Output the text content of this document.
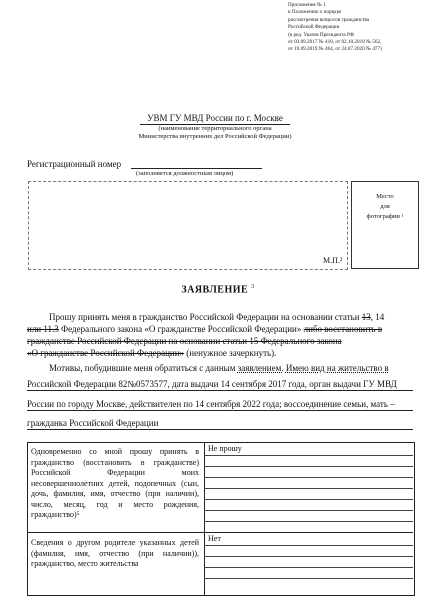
Приложение № 1
к Положению о порядке
рассмотрения вопросов гражданства
Российской Федерации
(в ред. Указов Президента РФ
от 03.09.2017 № 410, от 02.10.2018 № 562,
от 19.09.2019 № 464, от 24.07.2020 № 477)
УВМ ГУ МВД России по г. Москве
(наименование территориального органа
Министерства внутренних дел Российской Федерации)
Регистрационный номер
(заполняется должностным лицом)
М.П.²
Место
для
фотографии ¹
ЗАЯВЛЕНИЕ $^3$
Прошу принять меня в гражданство Российской Федерации на основании статьи 13, 14
или 11.3 Федерального закона «О гражданстве Российской Федерации» либо восстановить в
гражданстве Российской Федерации на основании статьи 15 Федерального закона
«О гражданстве Российской Федерации» (ненужное зачеркнуть).
Мотивы, побудившие меня обратиться с данным заявлением. Имею вид на жительство в
Российской Федерации 82№0573577, дата выдачи 14 сентября 2017 года, орган выдачи ГУ МВД
России по городу Москве, действителен по 14 сентября 2022 года; воссоединение семьи, мать –
гражданка Российской Федерации
Одновременно со мной прошу принять в гражданство (восстановить в гражданстве) Российской Федерации моих несовершеннолетних детей, подопечных (сын, дочь, фамилия, имя, отчество (при наличии), число, месяц, год и место рождения, гражданство)⁵
Не прошу
Сведения о другом родителе указанных детей (фамилия, имя, отчество (при наличии)), гражданство, место жительства
Нет
